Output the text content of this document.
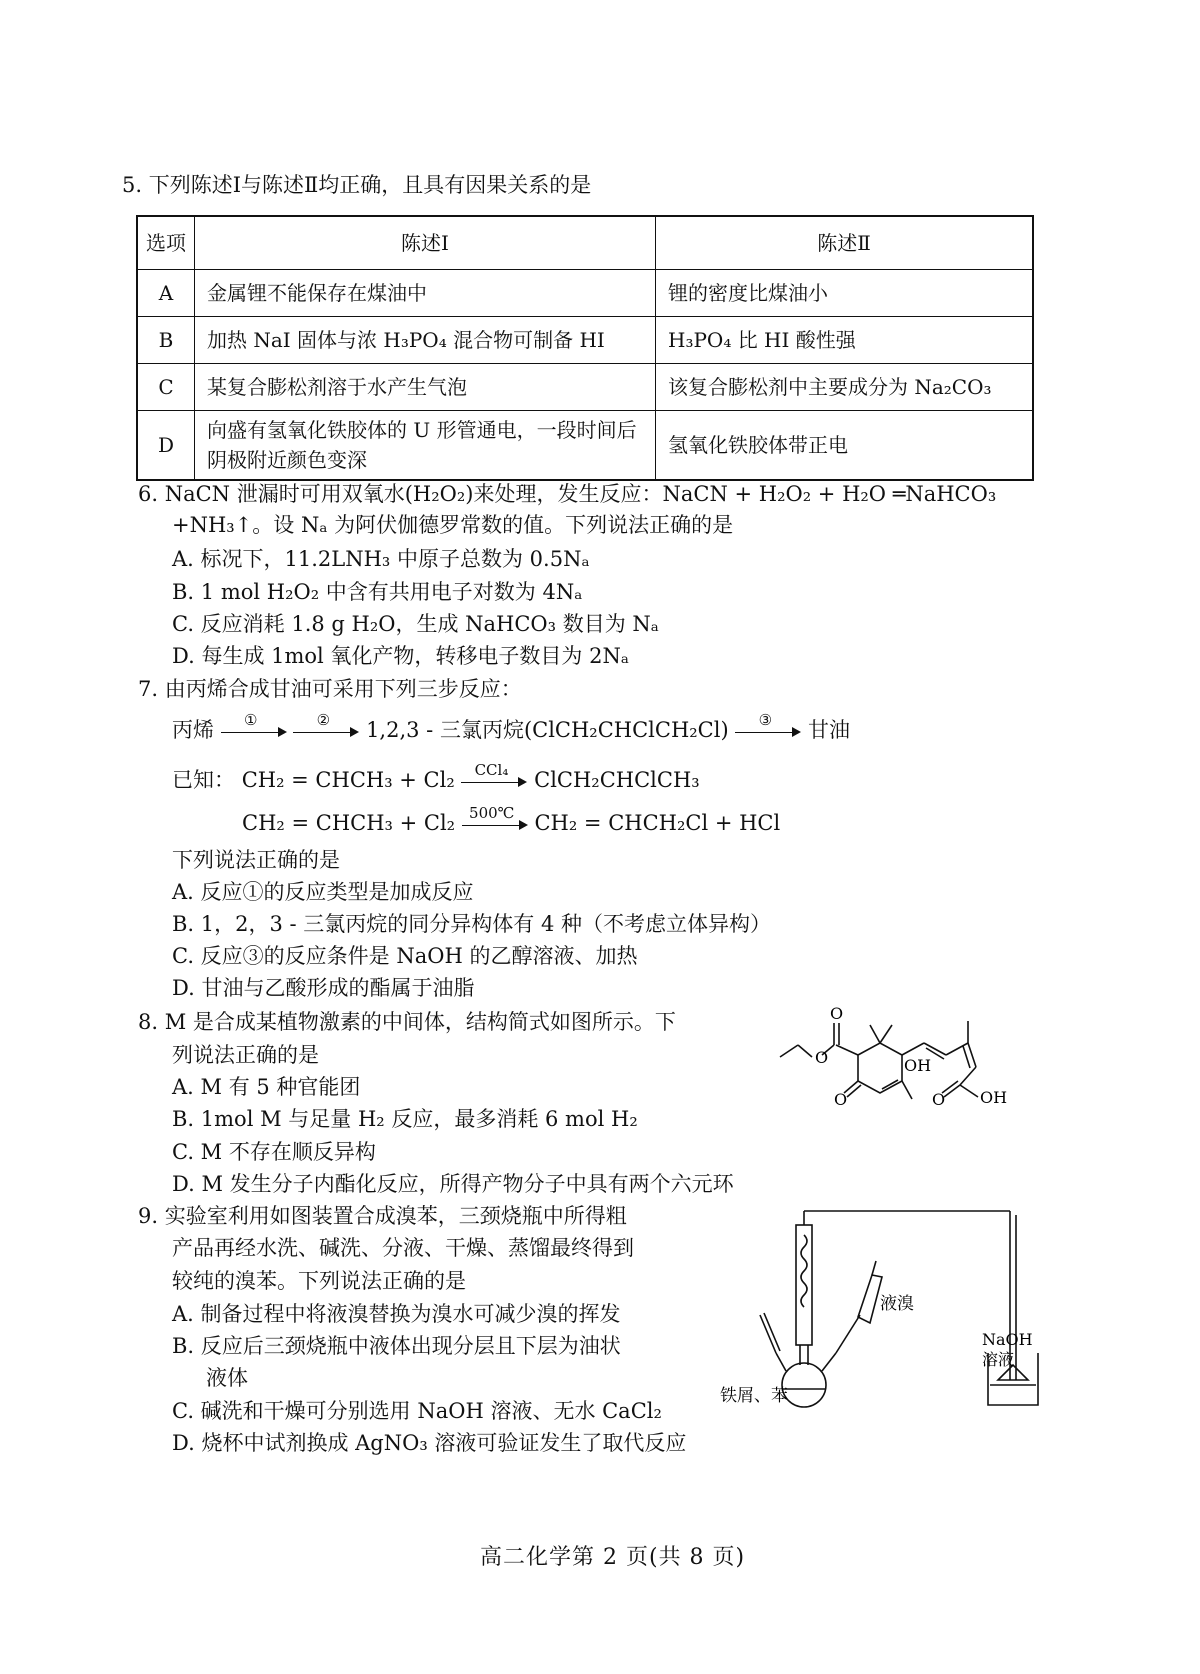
5. 下列陈述Ⅰ与陈述Ⅱ均正确，且具有因果关系的是
选项	陈述Ⅰ	陈述Ⅱ
A	金属锂不能保存在煤油中	锂的密度比煤油小
B	加热 NaI 固体与浓 H₃PO₄ 混合物可制备 HI	H₃PO₄ 比 HI 酸性强
C	某复合膨松剂溶于水产生气泡	该复合膨松剂中主要成分为 Na₂CO₃
D	向盛有氢氧化铁胶体的 U 形管通电，一段时间后阴极附近颜色变深	氢氧化铁胶体带正电
6. NaCN 泄漏时可用双氧水(H₂O₂)来处理，发生反应：NaCN + H₂O₂ + H₂O ═NaHCO₃
+NH₃↑。设 Nₐ 为阿伏伽德罗常数的值。下列说法正确的是
A. 标况下，11.2LNH₃ 中原子总数为 0.5Nₐ
B. 1 mol H₂O₂ 中含有共用电子对数为 4Nₐ
C. 反应消耗 1.8 g H₂O，生成 NaHCO₃ 数目为 Nₐ
D. 每生成 1mol 氧化产物，转移电子数目为 2Nₐ
7. 由丙烯合成甘油可采用下列三步反应：
丙烯	①
	②	1,2,3 - 三氯丙烷(ClCH₂CHClCH₂Cl)	③	甘油
已知： CH₂ = CHCH₃ + Cl₂	CCl₄	ClCH₂CHClCH₃
CH₂ = CHCH₃ + Cl₂ 500℃ CH₂ = CHCH₂Cl + HCl
下列说法正确的是
A. 反应①的反应类型是加成反应
B. 1，2，3 - 三氯丙烷的同分异构体有 4 种（不考虑立体异构）
C. 反应③的反应条件是 NaOH 的乙醇溶液、加热
D. 甘油与乙酸形成的酯属于油脂
8. M 是合成某植物激素的中间体，结构简式如图所示。下
列说法正确的是
A. M 有 5 种官能团
B. 1mol M 与足量 H₂ 反应，最多消耗 6 mol H₂
C. M 不存在顺反异构
D. M 发生分子内酯化反应，所得产物分子中具有两个六元环
O
O
O	O
OH
OH
9. 实验室利用如图装置合成溴苯，三颈烧瓶中所得粗
产品再经水洗、碱洗、分液、干燥、蒸馏最终得到
较纯的溴苯。下列说法正确的是
A. 制备过程中将液溴替换为溴水可减少溴的挥发
B. 反应后三颈烧瓶中液体出现分层且下层为油状
液体
C. 碱洗和干燥可分别选用 NaOH 溶液、无水 CaCl₂
D. 烧杯中试剂换成 AgNO₃ 溶液可验证发生了取代反应
液溴
铁屑、苯
NaOH
溶液
高二化学第 2 页(共 8 页)
